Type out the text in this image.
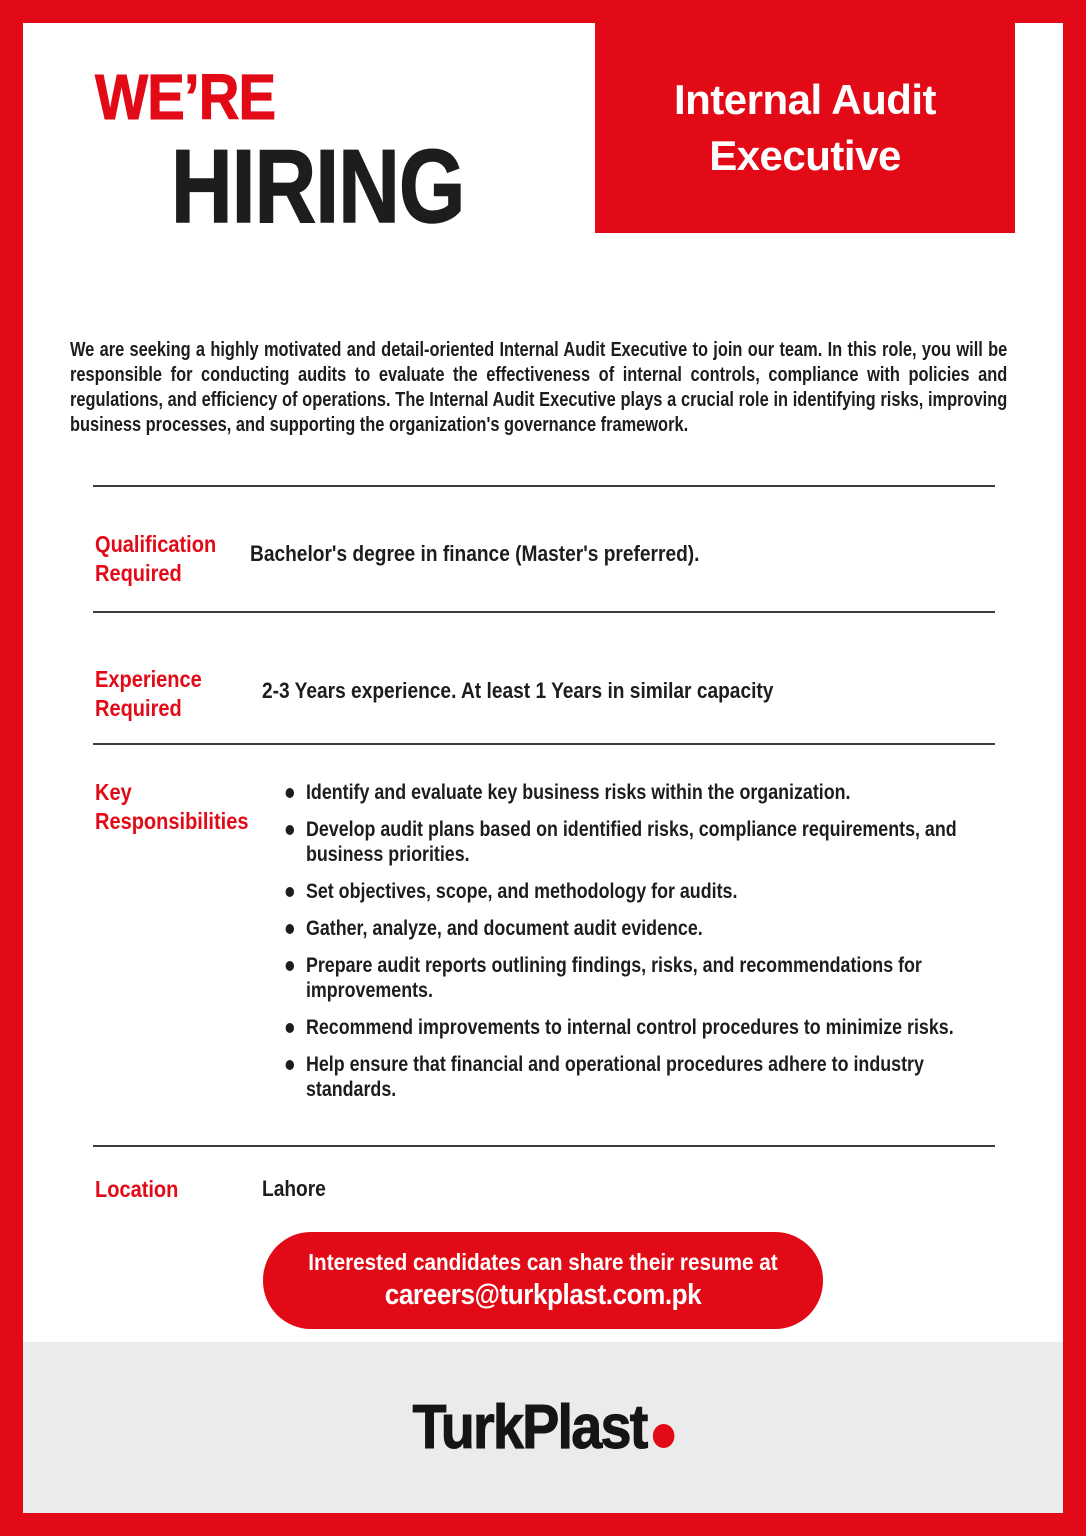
Internal Audit Executive
WE’RE
HIRING

We are seeking a highly motivated and detail-oriented Internal Audit Executive to join our team. In this role, you will be responsible for conducting audits to evaluate the effectiveness of internal controls, compliance with policies and regulations, and efficiency of operations. The Internal Audit Executive plays a crucial role in identifying risks, improving business processes, and supporting the organization's governance framework.

Qualification Required
Bachelor's degree in finance (Master's preferred).
Experience Required
2-3 Years experience. At least 1 Years in similar capacity
Key Responsibilities
Identify and evaluate key business risks within the organization.
Develop audit plans based on identified risks, compliance requirements, and business priorities.
Set objectives, scope, and methodology for audits.
Gather, analyze, and document audit evidence.
Prepare audit reports outlining findings, risks, and recommendations for improvements.
Recommend improvements to internal control procedures to minimize risks.
Help ensure that financial and operational procedures adhere to industry standards.
Location	Lahore
Interested candidates can share their resume at
careers@turkplast.com.pk
TurkPlast
